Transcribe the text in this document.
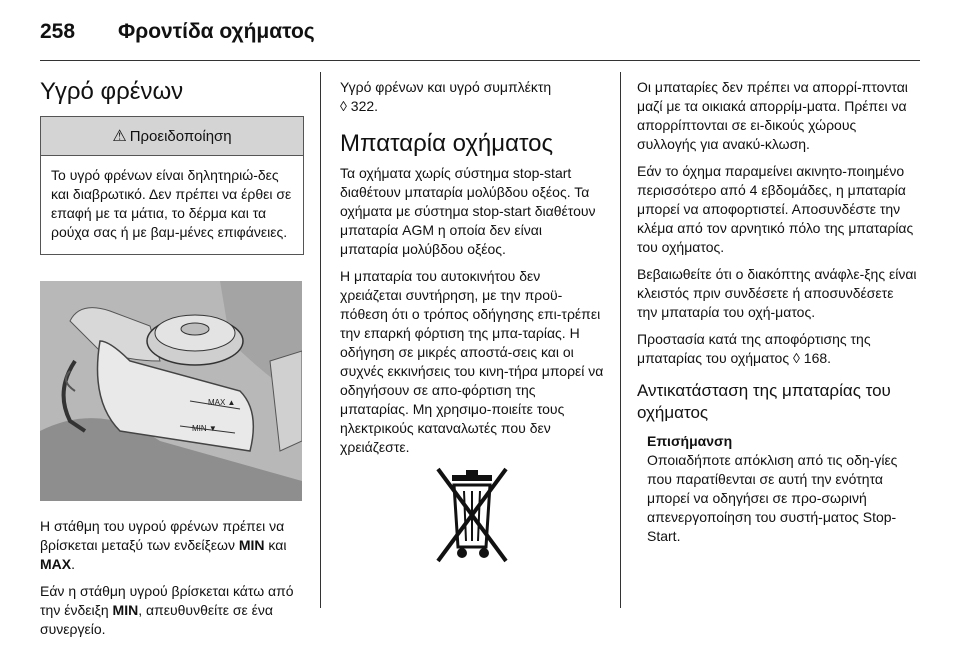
258 Φροντίδα οχήματος
Υγρό φρένων
⚠ Προειδοποίηση
Το υγρό φρένων είναι δηλητηριώ-δες και διαβρωτικό. Δεν πρέπει να έρθει σε επαφή με τα μάτια, το δέρμα και τα ρούχα σας ή με βαμ-μένες επιφάνειες.
MAX ▲
MIN ▼

Η στάθμη του υγρού φρένων πρέπει να βρίσκεται μεταξύ των ενδείξεων MIN και MAX.

Εάν η στάθμη υγρού βρίσκεται κάτω από την ένδειξη MIN, απευθυνθείτε σε ένα συνεργείο.

Υγρό φρένων και υγρό συμπλέκτη

◊ 322.

Μπαταρία οχήματος

Τα οχήματα χωρίς σύστημα stop-start διαθέτουν μπαταρία μολύβδου οξέος. Τα οχήματα με σύστημα stop-start διαθέτουν μπαταρία AGM η οποία δεν είναι μπαταρία μολύβδου οξέος.

Η μπαταρία του αυτοκινήτου δεν χρειάζεται συντήρηση, με την προϋ-πόθεση ότι ο τρόπος οδήγησης επι-τρέπει την επαρκή φόρτιση της μπα-ταρίας. Η οδήγηση σε μικρές αποστά-σεις και οι συχνές εκκινήσεις του κινη-τήρα μπορεί να οδηγήσουν σε απο-φόρτιση της μπαταρίας. Μη χρησιμο-ποιείτε τους ηλεκτρικούς καταναλωτές που δεν χρειάζεστε.

Οι μπαταρίες δεν πρέπει να απορρί-πτονται μαζί με τα οικιακά απορρίμ-ματα. Πρέπει να απορρίπτονται σε ει-δικούς χώρους συλλογής για ανακύ-κλωση.

Εάν το όχημα παραμείνει ακινητο-ποιημένο περισσότερο από 4 εβδομάδες, η μπαταρία μπορεί να αποφορτιστεί. Αποσυνδέστε την κλέμα από τον αρνητικό πόλο της μπαταρίας του οχήματος.

Βεβαιωθείτε ότι ο διακόπτης ανάφλε-ξης είναι κλειστός πριν συνδέσετε ή αποσυνδέσετε την μπαταρία του οχή-ματος.

Προστασία κατά της αποφόρτισης της μπαταρίας του οχήματος ◊ 168.

Αντικατάσταση της μπαταρίας του οχήματος
Επισήμανση

Οποιαδήποτε απόκλιση από τις οδη-γίες που παρατίθενται σε αυτή την ενότητα μπορεί να οδηγήσει σε προ-σωρινή απενεργοποίηση του συστή-ματος Stop-Start.
